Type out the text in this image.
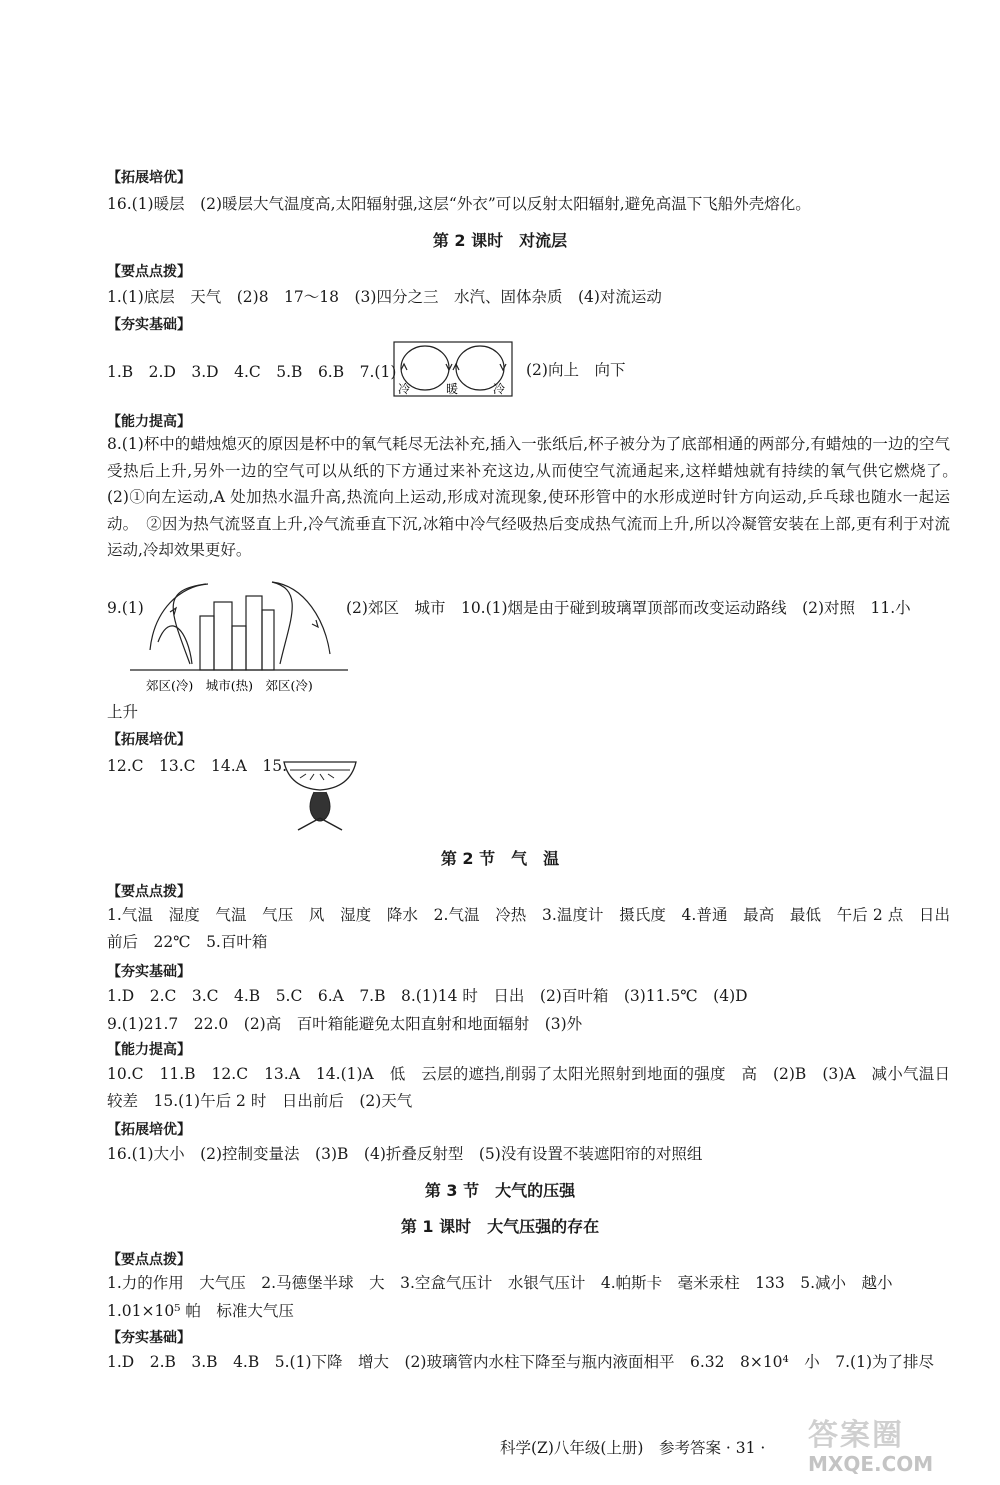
【拓展培优】
16.(1)暖层　(2)暖层大气温度高,太阳辐射强,这层“外衣”可以反射太阳辐射,避免高温下飞船外壳熔化。
第 2 课时　对流层
【要点点拨】
1.(1)底层　天气　(2)8　17～18　(3)四分之三　水汽、固体杂质　(4)对流运动
【夯实基础】
1.B　2.D　3.D　4.C　5.B　6.B　7.(1)
冷	暖	冷
(2)向上　向下
【能力提高】
8.(1)杯中的蜡烛熄灭的原因是杯中的氧气耗尽无法补充,插入一张纸后,杯子被分为了底部相通的两部分,有蜡烛的一边的空气受热后上升,另外一边的空气可以从纸的下方通过来补充这边,从而使空气流通起来,这样蜡烛就有持续的氧气供它燃烧了。　(2)①向左运动,A 处加热水温升高,热流向上运动,形成对流现象,使环形管中的水形成逆时针方向运动,乒乓球也随水一起运动。　②因为热气流竖直上升,冷气流垂直下沉,冰箱中冷气经吸热后变成热气流而上升,所以冷凝管安装在上部,更有利于对流运动,冷却效果更好。
9.(1)
郊区(冷)　城市(热)　郊区(冷)
(2)郊区　城市　10.(1)烟是由于碰到玻璃罩顶部而改变运动路线　(2)对照　11.小
上升
【拓展培优】
12.C　13.C　14.A　15.
第 2 节　气　温
【要点点拨】
1.气温　湿度　气温　气压　风　湿度　降水　2.气温　冷热　3.温度计　摄氏度　4.普通　最高　最低　午后 2 点　日出前后　22℃　5.百叶箱
【夯实基础】
1.D　2.C　3.C　4.B　5.C　6.A　7.B　8.(1)14 时　日出　(2)百叶箱　(3)11.5℃　(4)D
9.(1)21.7　22.0　(2)高　百叶箱能避免太阳直射和地面辐射　(3)外
【能力提高】
10.C　11.B　12.C　13.A　14.(1)A　低　云层的遮挡,削弱了太阳光照射到地面的强度　高　(2)B　(3)A　减小气温日较差　15.(1)午后 2 时　日出前后　(2)天气
【拓展培优】
16.(1)大小　(2)控制变量法　(3)B　(4)折叠反射型　(5)没有设置不装遮阳帘的对照组
第 3 节　大气的压强
第 1 课时　大气压强的存在
【要点点拨】
1.力的作用　大气压　2.马德堡半球　大　3.空盒气压计　水银气压计　4.帕斯卡　毫米汞柱　133　5.减小　越小
1.01×10⁵ 帕　标准大气压
【夯实基础】
1.D　2.B　3.B　4.B　5.(1)下降　增大　(2)玻璃管内水柱下降至与瓶内液面相平　6.32　8×10⁴　小　7.(1)为了排尽
科学(Z)八年级(上册)　参考答案 · 31 · 答案圈
MXQE.COM
